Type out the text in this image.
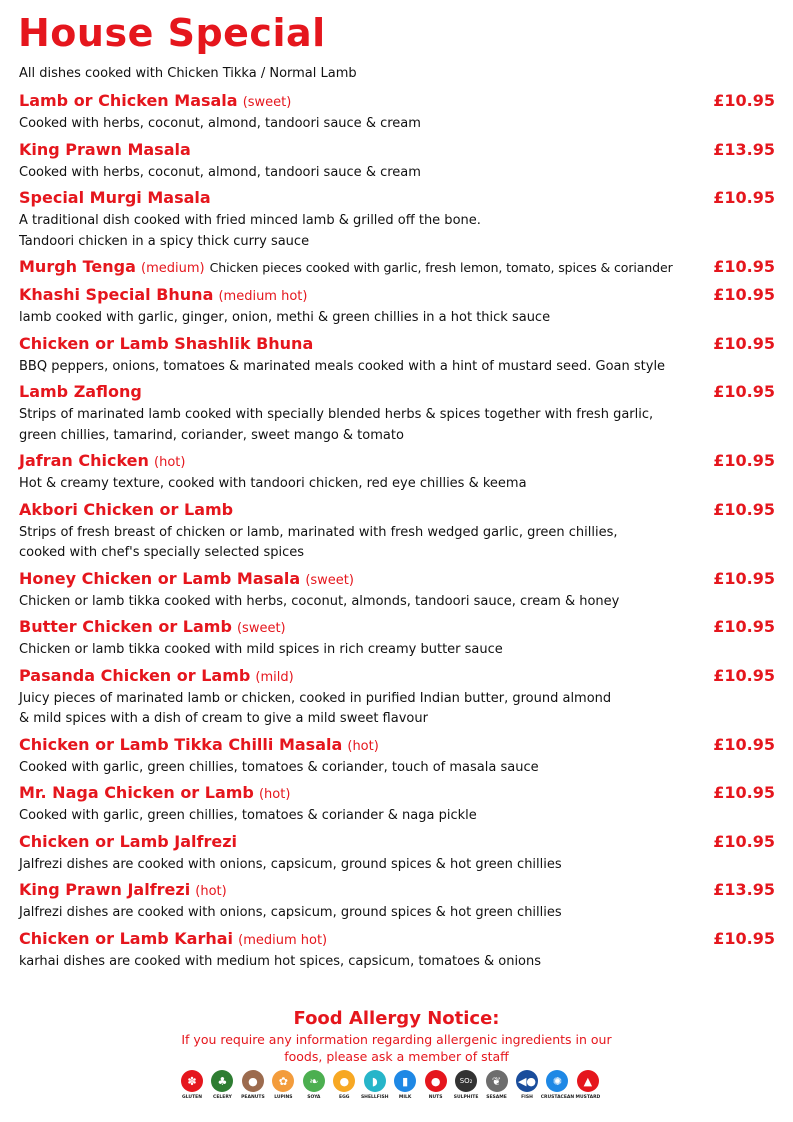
House Special
All dishes cooked with Chicken Tikka / Normal Lamb
Lamb or Chicken Masala (sweet)	£10.95
Cooked with herbs, coconut, almond, tandoori sauce & cream
King Prawn Masala	£13.95
Cooked with herbs, coconut, almond, tandoori sauce & cream
Special Murgi Masala	£10.95
A traditional dish cooked with fried minced lamb & grilled off the bone.
Tandoori chicken in a spicy thick curry sauce
Murgh Tenga (medium) Chicken pieces cooked with garlic, fresh lemon, tomato, spices & coriander	£10.95
Khashi Special Bhuna (medium hot)	£10.95
lamb cooked with garlic, ginger, onion, methi & green chillies in a hot thick sauce
Chicken or Lamb Shashlik Bhuna	£10.95
BBQ peppers, onions, tomatoes & marinated meals cooked with a hint of mustard seed. Goan style
Lamb Zaflong	£10.95
Strips of marinated lamb cooked with specially blended herbs & spices together with fresh garlic,
green chillies, tamarind, coriander, sweet mango & tomato
Jafran Chicken (hot)	£10.95
Hot & creamy texture, cooked with tandoori chicken, red eye chillies & keema
Akbori Chicken or Lamb	£10.95
Strips of fresh breast of chicken or lamb, marinated with fresh wedged garlic, green chillies,
cooked with chef's specially selected spices
Honey Chicken or Lamb Masala (sweet)	£10.95
Chicken or lamb tikka cooked with herbs, coconut, almonds, tandoori sauce, cream & honey
Butter Chicken or Lamb (sweet)	£10.95
Chicken or lamb tikka cooked with mild spices in rich creamy butter sauce
Pasanda Chicken or Lamb (mild)	£10.95
Juicy pieces of marinated lamb or chicken, cooked in purified Indian butter, ground almond
& mild spices with a dish of cream to give a mild sweet flavour
Chicken or Lamb Tikka Chilli Masala (hot)	£10.95
Cooked with garlic, green chillies, tomatoes & coriander, touch of masala sauce
Mr. Naga Chicken or Lamb (hot)	£10.95
Cooked with garlic, green chillies, tomatoes & coriander & naga pickle
Chicken or Lamb Jalfrezi	£10.95
Jalfrezi dishes are cooked with onions, capsicum, ground spices & hot green chillies
King Prawn Jalfrezi (hot)	£13.95
Jalfrezi dishes are cooked with onions, capsicum, ground spices & hot green chillies
Chicken or Lamb Karhai (medium hot)	£10.95
karhai dishes are cooked with medium hot spices, capsicum, tomatoes & onions
Food Allergy Notice:
If you require any information regarding allergenic ingredients in our
foods, please ask a member of staff
✽
GLUTEN
♣
CELERY
●
PEANUTS
✿
LUPINS
❧
SOYA
●
EGG
◗
SHELLFISH
▮
MILK
●
NUTS
SO₂
SULPHITE
❦
SESAME
◀●
FISH
✺
CRUSTACEAN
▲
MUSTARD
